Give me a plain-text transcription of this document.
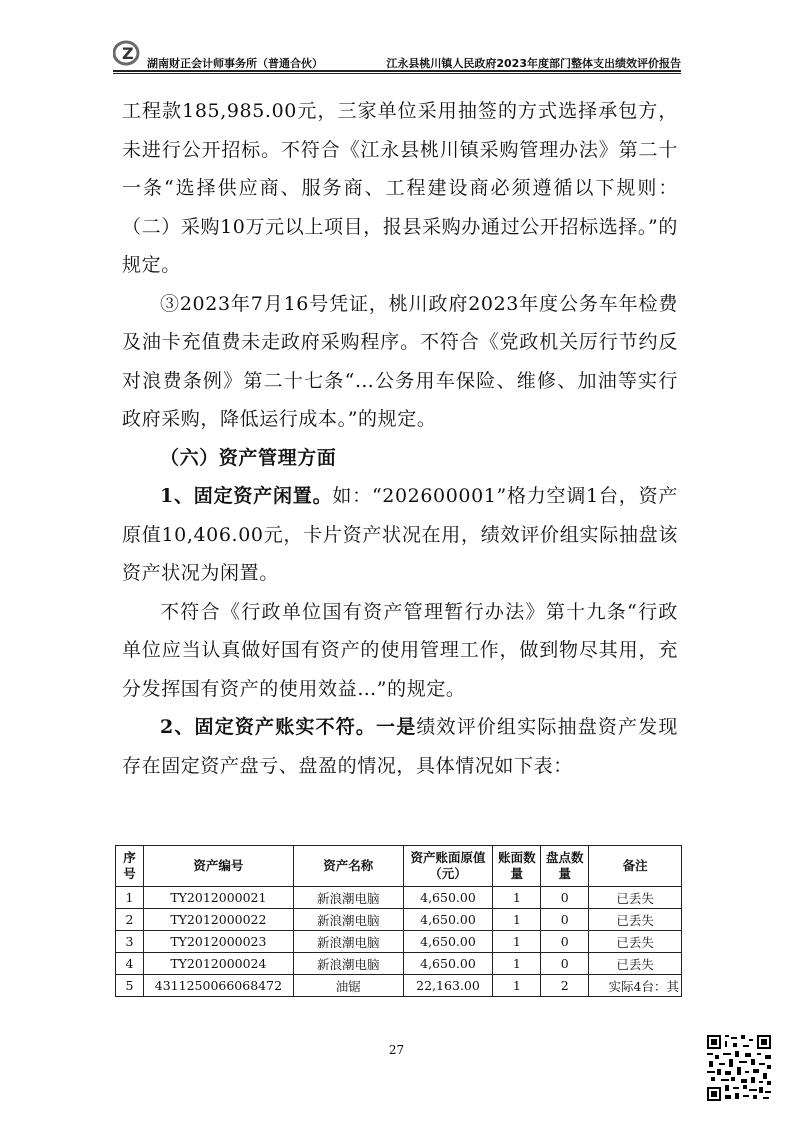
Z
湖南财正会计师事务所（普通合伙）	江永县桃川镇人民政府2023年度部门整体支出绩效评价报告

工程款185,985.00元，三家单位采用抽签的方式选择承包方，未进行公开招标。不符合《江永县桃川镇采购管理办法》第二十一条“选择供应商、服务商、工程建设商必须遵循以下规则：（二）采购10万元以上项目，报县采购办通过公开招标选择。”的规定。

③2023年7月16号凭证，桃川政府2023年度公务车年检费及油卡充值费未走政府采购程序。不符合《党政机关厉行节约反对浪费条例》第二十七条“…公务用车保险、维修、加油等实行政府采购，降低运行成本。”的规定。

（六）资产管理方面

1、固定资产闲置。如：“202600001”格力空调1台，资产原值10,406.00元，卡片资产状况在用，绩效评价组实际抽盘该资产状况为闲置。

不符合《行政单位国有资产管理暂行办法》第十九条“行政单位应当认真做好国有资产的使用管理工作，做到物尽其用，充分发挥国有资产的使用效益…”的规定。

2、固定资产账实不符。一是绩效评价组实际抽盘资产发现存在固定资产盘亏、盘盈的情况，具体情况如下表：

序号	资产编号	资产名称	资产账面原值（元）	账面数量	盘点数量	备注
1	TY2012000021	新浪潮电脑	4,650.00	1	0	已丢失
2	TY2012000022	新浪潮电脑	4,650.00	1	0	已丢失
3	TY2012000023	新浪潮电脑	4,650.00	1	0	已丢失
4	TY2012000024	新浪潮电脑	4,650.00	1	0	已丢失
5	4311250066068472	油锯	22,163.00	1	2	实际4台：其
27
